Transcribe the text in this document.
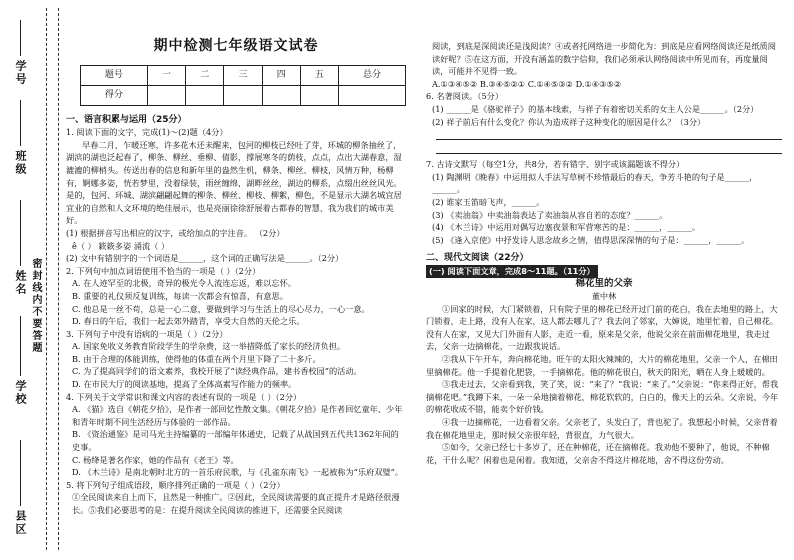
学号
班级
姓名
学校
县区
密封线内不要答题
期中检测七年级语文试卷
题号	一	二	三	四	五	总分
得分						

一、语言积累与运用（25分）

1. 阅读下面的文字，完成(1)～(2)题（4分）

早春二月，乍暖还寒，许多花木还未醒来，包河的柳枝已经吐了芽，环城的柳条抽丝了，湖滨的湖也泛起春了，柳条、柳丝、垂柳、倩影，撑展寒冬的荫枝，点点，点出大湖春意，湿漉漉的柳梢头。传送出春的信息和新年里的盎然生机，柳条、柳丝、柳枝，风情万种，杨柳有，婀娜多姿，恍若梦里，没着绿装，雨丝缠绵，湖畔丝丝，湖边的柳系，点缀出丝丝风光。是的，包河、环城、湖滨翩翩起舞的柳条、柳丝、柳枝、柳絮，柳色，不是显示大湖名城宜居宜业的自然和人文环境的绝佳展示，也是亮丽徐徐舒展着古都春的智慧、我为我们的城市美好。

(1) 根据拼音写出相应的汉字，或给加点的字注音。 （2分）

ê（ ） 簌簌多姿 涌流（ ）

(2) 文中有错别字的一个词语是______，这个词的正确写法是______。（2分）

2. 下列句中加点词语使用不恰当的一项是（ ）（2分）

A. 在人迹罕至的北极，奇异的极光令人流连忘返，难以忘怀。

B. 重要的礼仪须反复训练，每读一次都会有惊喜，有意思。

C. 他总是一丝不苟，总是一心二意，要做到学习与生活上的尽心尽力，一心一意。

D. 春日的午后，我们一起去郊外踏青，享受大自然的天伦之乐。

3. 下列句子中没有语病的一项是（ ）（2分）

A. 国家免收义务教育阶段学生的学杂费，这一举措降低了家长的经济负担。

B. 由于合理的体能训练，使得他的体重在两个月里下降了二十多斤。

C. 为了提高同学们的语文素养，我校开展了“读经典作品，建书香校园”的活动。

D. 在市民大厅的阅读基地，提高了全体高素写作能力的频率。

4. 下列关于文学常识和课文内容的表述有误的一项是（ ）（2分）

A. 《猫》选自《朝花夕拾》，是作者一部回忆性散文集。《朝花夕拾》是作者回忆童年、少年和青年时期不同生活经历与体验的一部作品。

B. 《资治通鉴》是司马光主持编纂的一部编年体通史，记载了从战国到五代共1362年间的史事。

C. 杨绛是著名作家，她的作品有《老王》等。

D. 《木兰诗》是南北朝时北方的一首乐府民歌，与《孔雀东南飞》一起被称为“乐府双璧”。

5. 将下列句子组成语段，顺序排列正确的一项是（ ）（2分）

①全民阅读来自上而下，且然是一种推广。②因此，全民阅读需要的真正提升才是路径很漫长。⑤我们必要思考的是：在提升阅读全民阅读的推进下，还需要全民阅读

阅读，到底是深阅读还是浅阅读？④或者托网络进一步简化为：到底是应看网络阅读还是纸质阅读好呢？⑤在这方面，开没有涵盖的数字信仰，我们必须承认网络阅读中所见而有，再度量阅读，可能并不见得一致。

A.①③④⑤② B.③④⑤②① C.①④⑤③② D.①④③⑤②

6. 名著阅读。（5分）

(1) ______是《骆驼祥子》的基本线索，与祥子有着密切关系的女主人公是______。（2分）

(2) 祥子前后有什么变化？你认为造成祥子这种变化的原因是什么？（3分）

7. 古诗文默写（每空1分，共8分，若有错字、别字或该漏题该不得分）

(1) 陶渊明《晚春》中运用拟人手法写草树不珍惜最后的春天，争芳斗艳的句子是______，______。

(2) 谁家玉笛暗飞声，______。

(3) 《卖油翁》中卖油翁表达了卖油翁从容自若的态度？______。

(4) 《木兰诗》中运用对偶写边塞夜景和军营寒苦的是：______，______。

(5) 《逢入京使》中抒发诗人思念故乡之情，值得思深深情的句子是：______，______。

二、现代文阅读（22分）

(一) 阅读下面文章，完成8～11题。（11分）

棉花里的父亲

董中林

①回家的时候，大门紧锁着，只有院子里的棉花已经开过门前的花白，我在去地里的路上，大门锁着，走上路，没有人在家，这人都去哪儿了？我去问了邻家，大婶说，地里忙着，自己棉花。没有人在家，又见大门外面有人影，走近一看，原来是父亲，他说父亲在前面棉花地里，我走过去，父亲一边摘棉花，一边跟我说话。

②我从下午开车，奔向棉花地。旺午的太阳火辣辣的，大片的棉花地里，父亲一个人，在棉田里摘棉花。他一手提着化肥袋，一手摘棉花。他的棉花很白，秋天的阳光，晒在人身上暖暖的。

③我走过去，父亲看到我，笑了笑，说：“来了？”我说：“来了。”父亲说：“你来得正好，帮我摘棉花吧。”我蹲下来，一朵一朵地摘着棉花，棉花软软的，白白的，像天上的云朵。父亲说，今年的棉花收成不错，能卖个好价钱。

④我一边摘棉花，一边看着父亲。父亲老了，头发白了，背也驼了。我想起小时候，父亲背着我在棉花地里走，那时候父亲很年轻，背很直，力气很大。

⑤如今，父亲已经七十多岁了，还在种棉花，还在摘棉花。我劝他不要种了，他说，不种棉花，干什么呢？闲着也是闲着。我知道，父亲舍不得这片棉花地，舍不得这份劳动。
